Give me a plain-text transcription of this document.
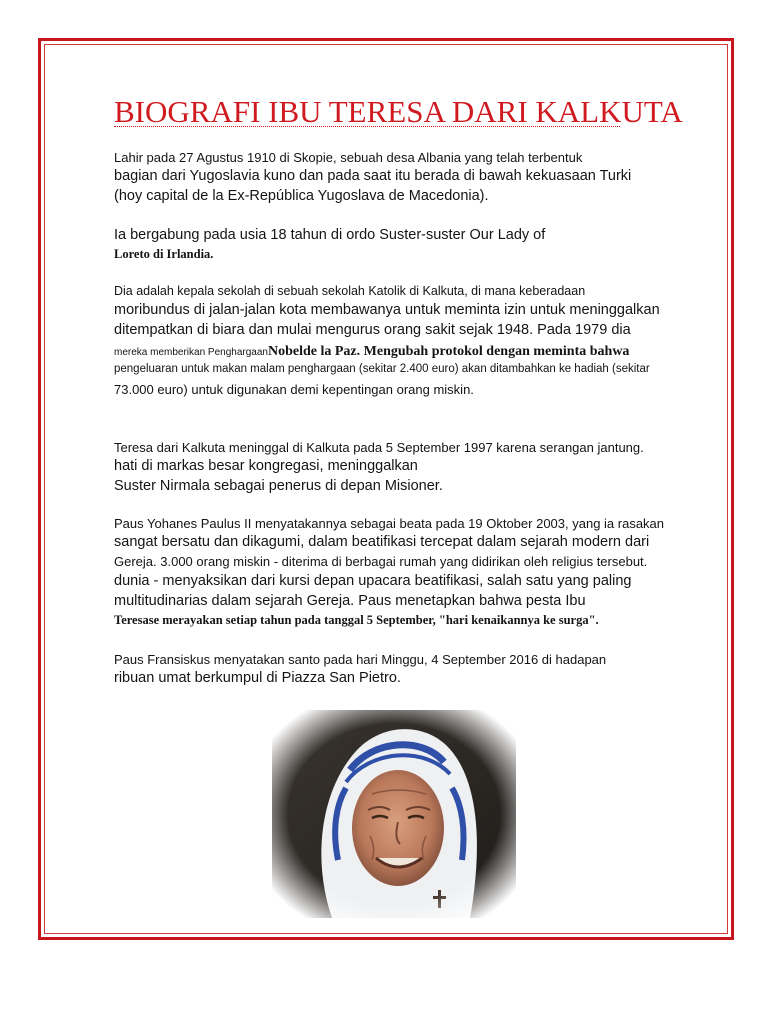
BIOGRAFI IBU TERESA DARI KALKUTA

Lahir pada 27 Agustus 1910 di Skopie, sebuah desa Albania yang telah terbentuk

bagian dari Yugoslavia kuno dan pada saat itu berada di bawah kekuasaan Turki

(hoy capital de la Ex-República Yugoslava de Macedonia).

Ia bergabung pada usia 18 tahun di ordo Suster-suster Our Lady of

Loreto di Irlandia.

Dia adalah kepala sekolah di sebuah sekolah Katolik di Kalkuta, di mana keberadaan

moribundus di jalan-jalan kota membawanya untuk meminta izin untuk meninggalkan

ditempatkan di biara dan mulai mengurus orang sakit sejak 1948. Pada 1979 dia

mereka memberikan PenghargaanNobelde la Paz. Mengubah protokol dengan meminta bahwa

pengeluaran untuk makan malam penghargaan (sekitar 2.400 euro) akan ditambahkan ke hadiah (sekitar

73.000 euro) untuk digunakan demi kepentingan orang miskin.

Teresa dari Kalkuta meninggal di Kalkuta pada 5 September 1997 karena serangan jantung.

hati di markas besar kongregasi, meninggalkan

Suster Nirmala sebagai penerus di depan Misioner.

Paus Yohanes Paulus II menyatakannya sebagai beata pada 19 Oktober 2003, yang ia rasakan

sangat bersatu dan dikagumi, dalam beatifikasi tercepat dalam sejarah modern dari

Gereja. 3.000 orang miskin - diterima di berbagai rumah yang didirikan oleh religius tersebut.

dunia - menyaksikan dari kursi depan upacara beatifikasi, salah satu yang paling

multitudinarias dalam sejarah Gereja. Paus menetapkan bahwa pesta Ibu

Teresase merayakan setiap tahun pada tanggal 5 September, "hari kenaikannya ke surga".

Paus Fransiskus menyatakan santo pada hari Minggu, 4 September 2016 di hadapan

ribuan umat berkumpul di Piazza San Pietro.
